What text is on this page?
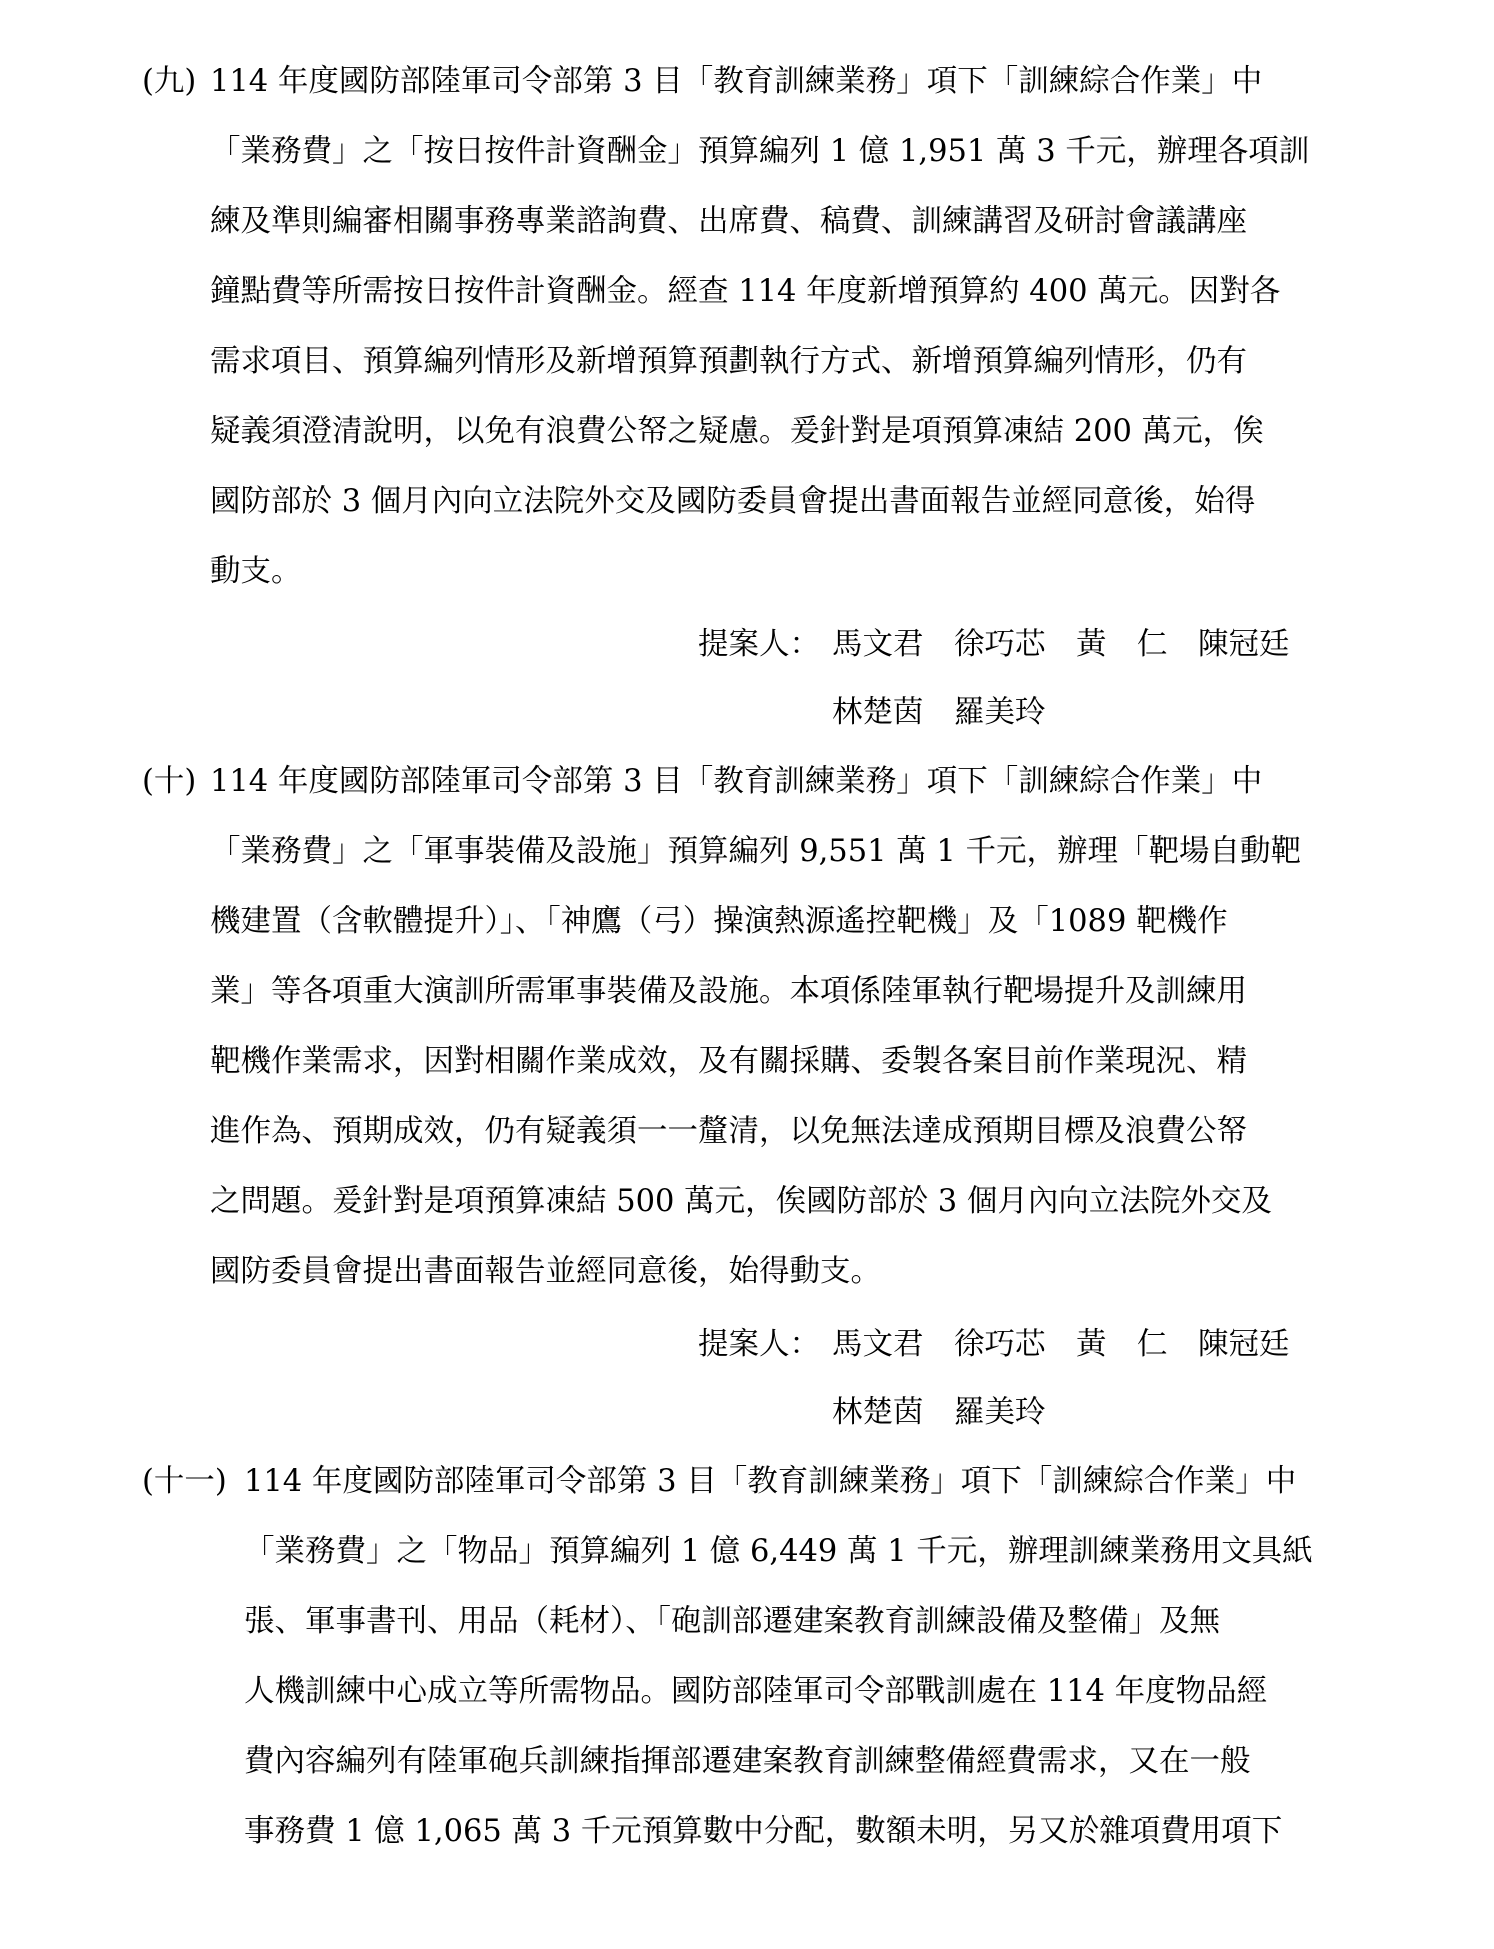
(九) 114 年度國防部陸軍司令部第 3 目「教育訓練業務」項下「訓練綜合作業」中
「業務費」之「按日按件計資酬金」預算編列 1 億 1,951 萬 3 千元，辦理各項訓
練及準則編審相關事務專業諮詢費、出席費、稿費、訓練講習及研討會議講座
鐘點費等所需按日按件計資酬金。經查 114 年度新增預算約 400 萬元。因對各
需求項目、預算編列情形及新增預算預劃執行方式、新增預算編列情形，仍有
疑義須澄清說明，以免有浪費公帑之疑慮。爰針對是項預算凍結 200 萬元，俟
國防部於 3 個月內向立法院外交及國防委員會提出書面報告並經同意後，始得
動支。
提案人： 馬文君　徐巧芯　黃　仁　陳冠廷
林楚茵　羅美玲
(十) 114 年度國防部陸軍司令部第 3 目「教育訓練業務」項下「訓練綜合作業」中
「業務費」之「軍事裝備及設施」預算編列 9,551 萬 1 千元，辦理「靶場自動靶
機建置（含軟體提升）」、「神鷹（弓）操演熱源遙控靶機」及「1089 靶機作
業」等各項重大演訓所需軍事裝備及設施。本項係陸軍執行靶場提升及訓練用
靶機作業需求，因對相關作業成效，及有關採購、委製各案目前作業現況、精
進作為、預期成效，仍有疑義須一一釐清，以免無法達成預期目標及浪費公帑
之問題。爰針對是項預算凍結 500 萬元，俟國防部於 3 個月內向立法院外交及
國防委員會提出書面報告並經同意後，始得動支。
提案人： 馬文君　徐巧芯　黃　仁　陳冠廷
林楚茵　羅美玲
(十一) 114 年度國防部陸軍司令部第 3 目「教育訓練業務」項下「訓練綜合作業」中
「業務費」之「物品」預算編列 1 億 6,449 萬 1 千元，辦理訓練業務用文具紙
張、軍事書刊、用品（耗材）、「砲訓部遷建案教育訓練設備及整備」及無
人機訓練中心成立等所需物品。國防部陸軍司令部戰訓處在 114 年度物品經
費內容編列有陸軍砲兵訓練指揮部遷建案教育訓練整備經費需求，又在一般
事務費 1 億 1,065 萬 3 千元預算數中分配，數額未明，另又於雜項費用項下
